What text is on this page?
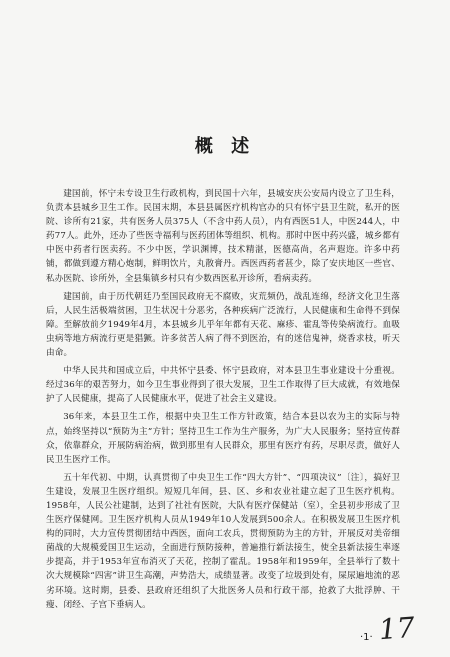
概 述

建国前，怀宁未专设卫生行政机构，到民国十六年，县城安庆公安局内设立了卫生科，负责本县城乡卫生工作。民国末期，本县县属医疗机构官办的只有怀宁县卫生院，私开的医院、诊所有21家，共有医务人员375人（不含中药人员），内有西医51人，中医244人，中药77人。此外，还办了些医寺福利与医药团体等组织、机构。那时中医中药兴盛，城乡都有中医中药者行医卖药。不少中医，学识渊博，技术精湛，医德高尚，名声遐迩。许多中药铺，都做到遵方精心炮制，鲜明饮片，丸散膏丹。西医西药者甚少，除了安庆地区一些官、私办医院、诊所外，全县集镇乡村只有少数西医私开诊所，看病卖药。

建国前，由于历代朝廷乃至国民政府无不腐败，灾荒频仍，战乱连绵，经济文化卫生落后，人民生活极端贫困，卫生状况十分恶劣，各种疾病广泛流行，人民健康和生命得不到保障。至解放前夕1949年4月，本县城乡儿乎年年都有天花、麻疹、霍乱等传染病流行。血吸虫病等地方病流行更是猖獗。许多贫苦人病了得不到医治，有的迷信鬼神，烧香求枝，听天由命。

中华人民共和国成立后，中共怀宁县委、怀宁县政府，对本县卫生事业建设十分重视。经过36年的艰苦努力，如今卫生事业得到了很大发展，卫生工作取得了巨大成就，有效地保护了人民健康，提高了人民健康水平，促进了社会主义建设。

36年来，本县卫生工作，根据中央卫生工作方针政策，结合本县以农为主的实际与特点，始终坚持以“预防为主”方针；坚持卫生工作为生产服务，为广大人民服务；坚持宣传群众，依靠群众，开展防病治病，做到那里有人民群众，那里有医疗有药，尽职尽责，做好人民卫生医疗工作。

五十年代初、中期，认真贯彻了中央卫生工作“四大方针”、“四项决议”〔注〕，搞好卫生建设，发展卫生医疗组织。短短几年间，县、区、乡和农业社建立起了卫生医疗机构。1958年，人民公社建制，达到了社社有医院，大队有医疗保健站（室），全县初步形成了卫生医疗保健网。卫生医疗机构人员从1949年10人发展到500余人。在积极发展卫生医疗机构的同时，大力宣传贯彻团结中西医，面向工农兵，贯彻预防为主的方针，开展反对美帝细菌战的大规模爱国卫生运动，全面进行预防接种，普遍推行新法接生，使全县新法接生率逐步提高，并于1953年宣布消灭了天花，控制了霍乱。1958年和1959年，全县举行了数十次大规模除“四害”讲卫生高潮，声势浩大，成绩显著。改变了垃圾到处有，屎尿遍地流的恶劣环境。这时期，县委、县政府还组织了大批医务人员和行政干部，抢救了大批浮肿、干瘦、闭经、子宫下垂病人。

·1· 17
